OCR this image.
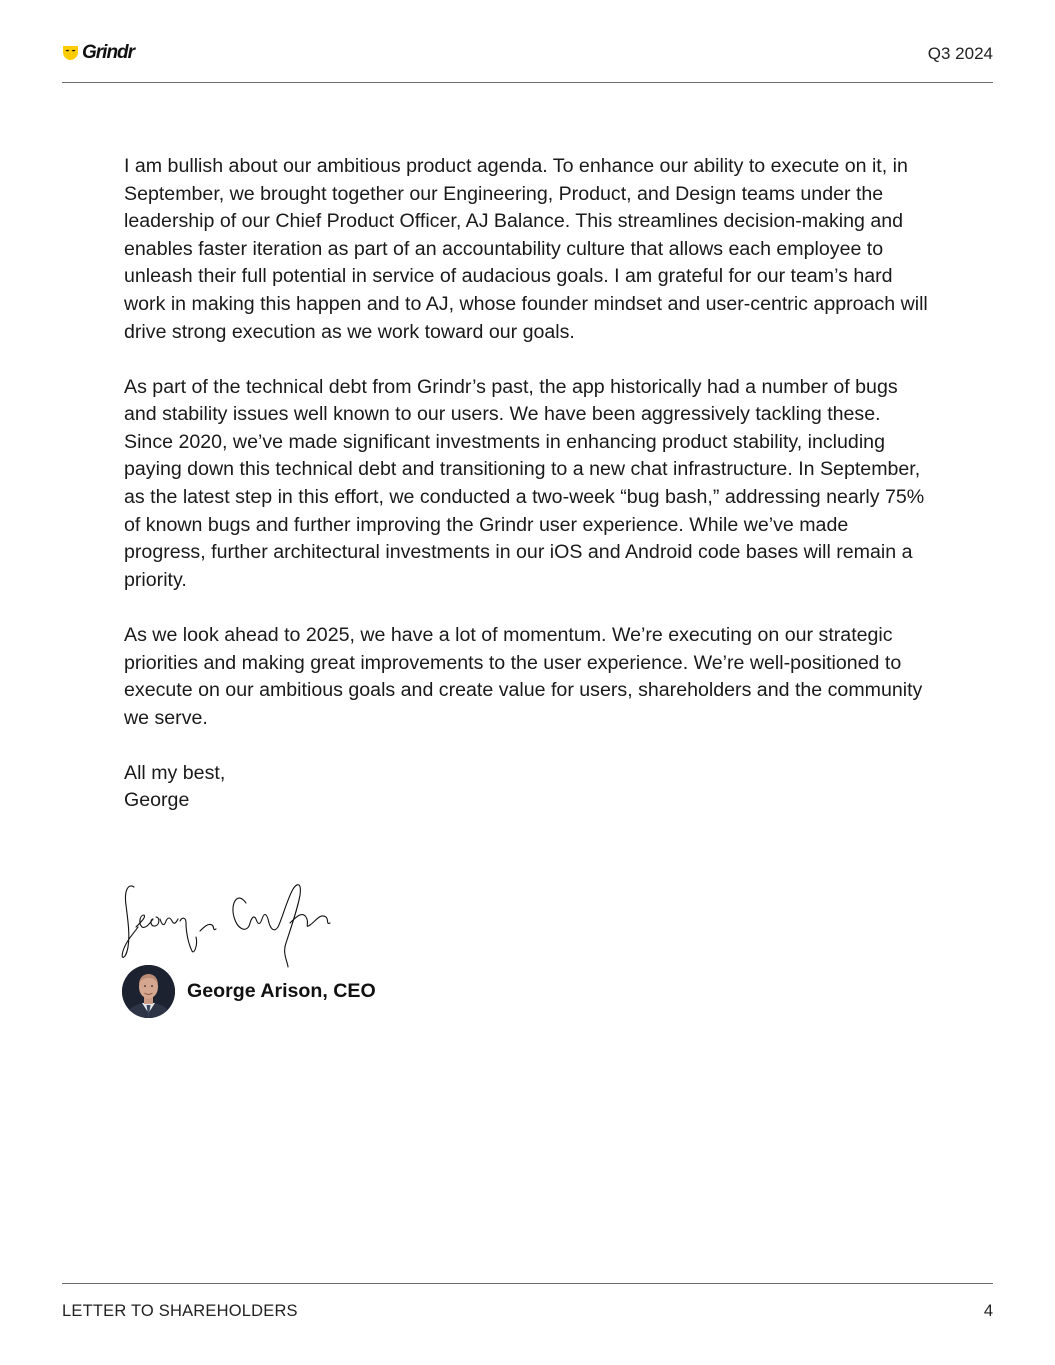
Grindr	Q3 2024

I am bullish about our ambitious product agenda. To enhance our ability to execute on it, in September, we brought together our Engineering, Product, and Design teams under the leadership of our Chief Product Officer, AJ Balance. This streamlines decision-making and enables faster iteration as part of an accountability culture that allows each employee to unleash their full potential in service of audacious goals. I am grateful for our team’s hard work in making this happen and to AJ, whose founder mindset and user-centric approach will drive strong execution as we work toward our goals.

As part of the technical debt from Grindr’s past, the app historically had a number of bugs and stability issues well known to our users. We have been aggressively tackling these. Since 2020, we’ve made significant investments in enhancing product stability, including paying down this technical debt and transitioning to a new chat infrastructure. In September, as the latest step in this effort, we conducted a two-week “bug bash,” addressing nearly 75% of known bugs and further improving the Grindr user experience. While we’ve made progress, further architectural investments in our iOS and Android code bases will remain a priority.

As we look ahead to 2025, we have a lot of momentum. We’re executing on our strategic priorities and making great improvements to the user experience. We’re well-positioned to execute on our ambitious goals and create value for users, shareholders and the community we serve.

All my best,

George

George Arison, CEO
LETTER TO SHAREHOLDERS	4
